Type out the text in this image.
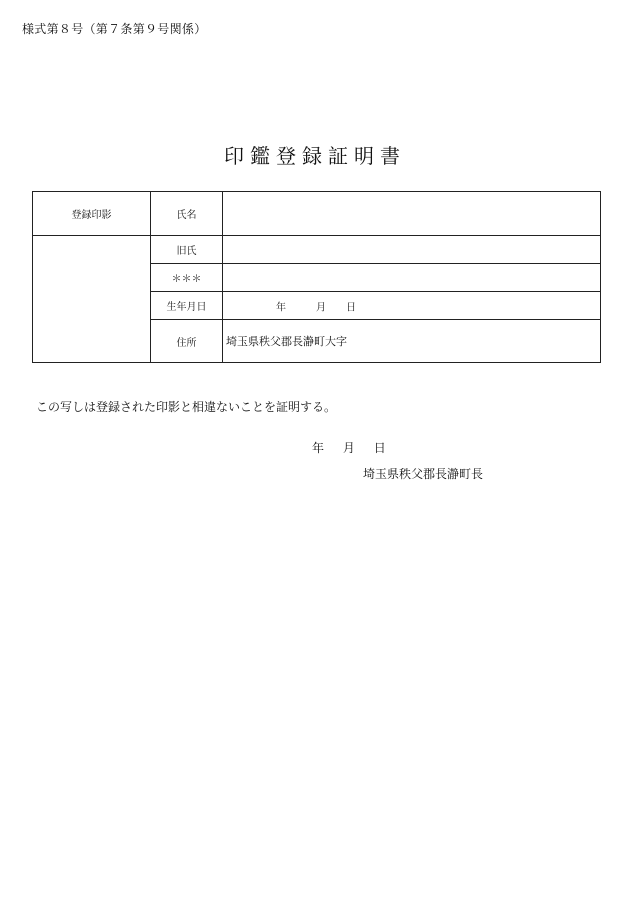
様式第８号（第７条第９号関係）
印鑑登録証明書
登録印影	氏名	
	旧氏	
	＊＊＊	
	生年月日	年 月 日

	住所	埼玉県秩父郡長瀞町大字
この写しは登録された印影と相違ないことを証明する。
年 月 日
埼玉県秩父郡長瀞町長
